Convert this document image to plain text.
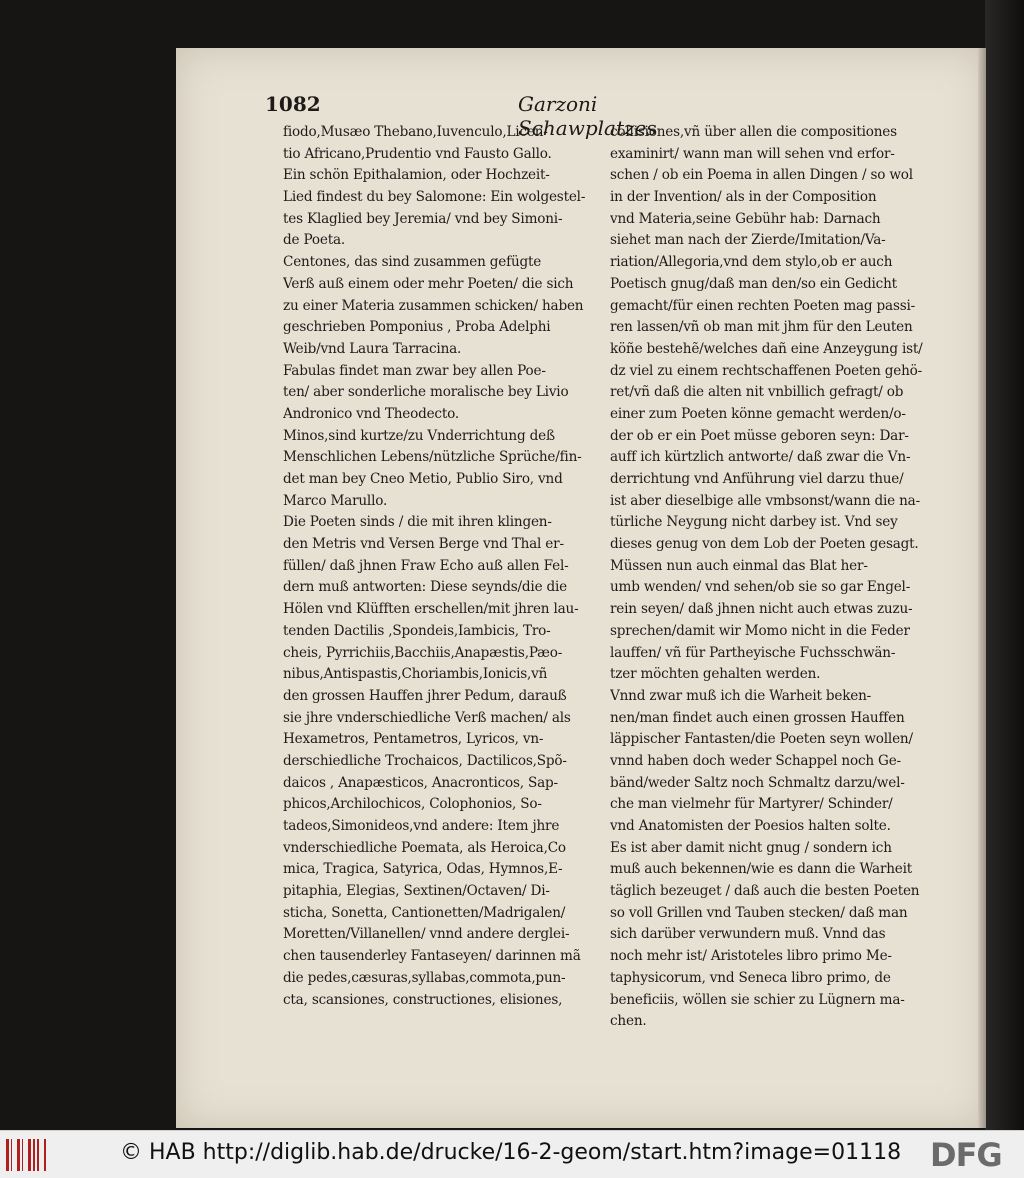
1082	Garzoni Schawplatzes
fiodo,Musæo Thebano,Iuvenculo,Licen-
tio Africano,Prudentio vnd Fausto Gallo.
Ein schön Epithalamion, oder Hochzeit-
Lied findest du bey Salomone: Ein wolgestel-
tes Klaglied bey Jeremia/ vnd bey Simoni-
de Poeta.
Centones, das sind zusammen gefügte
Verß auß einem oder mehr Poeten/ die sich
zu einer Materia zusammen schicken/ haben
geschrieben Pomponius , Proba Adelphi
Weib/vnd Laura Tarracina.
Fabulas findet man zwar bey allen Poe-
ten/ aber sonderliche moralische bey Livio
Andronico vnd Theodecto.
Minos,sind kurtze/zu Vnderrichtung deß
Menschlichen Lebens/nützliche Sprüche/fin-
det man bey Cneo Metio, Publio Siro, vnd
Marco Marullo.
Die Poeten sinds / die mit ihren klingen-
den Metris vnd Versen Berge vnd Thal er-
füllen/ daß jhnen Fraw Echo auß allen Fel-
dern muß antworten: Diese seynds/die die
Hölen vnd Klüfften erschellen/mit jhren lau-
tenden Dactilis ,Spondeis,Iambicis, Tro-
cheis, Pyrrichiis,Bacchiis,Anapæstis,Pæo-
nibus,Antispastis,Choriambis,Ionicis,vñ
den grossen Hauffen jhrer Pedum, darauß
sie jhre vnderschiedliche Verß machen/ als
Hexametros, Pentametros, Lyricos, vn-
derschiedliche Trochaicos, Dactilicos,Spõ-
daicos , Anapæsticos, Anacronticos, Sap-
phicos,Archilochicos, Colophonios, So-
tadeos,Simonideos,vnd andere: Item jhre
vnderschiedliche Poemata, als Heroica,Co
mica, Tragica, Satyrica, Odas, Hymnos,E-
pitaphia, Elegias, Sextinen/Octaven/ Di-
sticha, Sonetta, Cantionetten/Madrigalen/
Moretten/Villanellen/ vnnd andere derglei-
chen tausenderley Fantaseyen/ darinnen mã
die pedes,cæsuras,syllabas,commota,pun-
cta, scansiones, constructiones, elisiones,
collisiones,vñ über allen die compositiones
examinirt/ wann man will sehen vnd erfor-
schen / ob ein Poema in allen Dingen / so wol
in der Invention/ als in der Composition
vnd Materia,seine Gebühr hab: Darnach
siehet man nach der Zierde/Imitation/Va-
riation/Allegoria,vnd dem stylo,ob er auch
Poetisch gnug/daß man den/so ein Gedicht
gemacht/für einen rechten Poeten mag passi-
ren lassen/vñ ob man mit jhm für den Leuten
köñe bestehẽ/welches dañ eine Anzeygung ist/
dz viel zu einem rechtschaffenen Poeten gehö-
ret/vñ daß die alten nit vnbillich gefragt/ ob
einer zum Poeten könne gemacht werden/o-
der ob er ein Poet müsse geboren seyn: Dar-
auff ich kürtzlich antworte/ daß zwar die Vn-
derrichtung vnd Anführung viel darzu thue/
ist aber dieselbige alle vmbsonst/wann die na-
türliche Neygung nicht darbey ist. Vnd sey
dieses genug von dem Lob der Poeten gesagt.
Müssen nun auch einmal das Blat her-
umb wenden/ vnd sehen/ob sie so gar Engel-
rein seyen/ daß jhnen nicht auch etwas zuzu-
sprechen/damit wir Momo nicht in die Feder
lauffen/ vñ für Partheyische Fuchsschwän-
tzer möchten gehalten werden.
Vnnd zwar muß ich die Warheit beken-
nen/man findet auch einen grossen Hauffen
läppischer Fantasten/die Poeten seyn wollen/
vnnd haben doch weder Schappel noch Ge-
bänd/weder Saltz noch Schmaltz darzu/wel-
che man vielmehr für Martyrer/ Schinder/
vnd Anatomisten der Poesios halten solte.
Es ist aber damit nicht gnug / sondern ich
muß auch bekennen/wie es dann die Warheit
täglich bezeuget / daß auch die besten Poeten
so voll Grillen vnd Tauben stecken/ daß man
sich darüber verwundern muß. Vnnd das
noch mehr ist/ Aristoteles libro primo Me-
taphysicorum, vnd Seneca libro primo, de
beneficiis, wöllen sie schier zu Lügnern ma-
chen.
© HAB http://diglib.hab.de/drucke/16-2-geom/start.htm?image=01118 DFG
